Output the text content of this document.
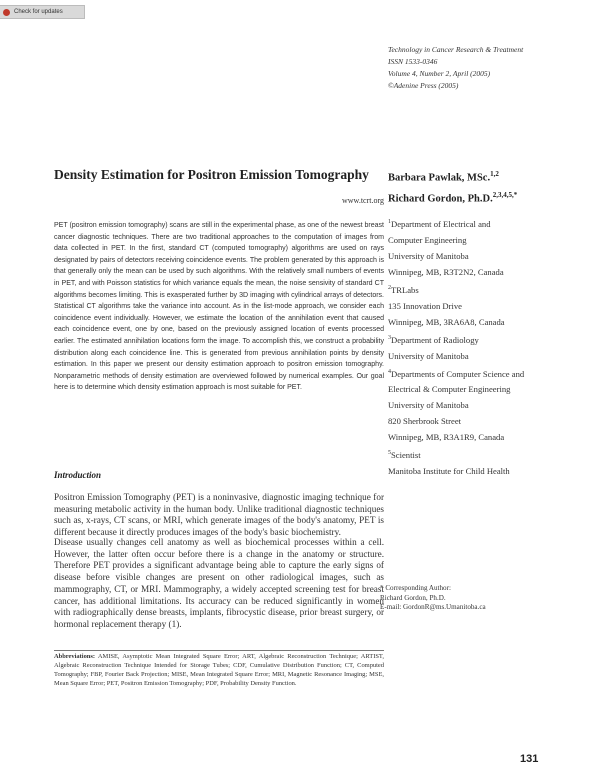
Check for updates
Technology in Cancer Research & Treatment
ISSN 1533-0346
Volume 4, Number 2, April (2005)
©Adenine Press (2005)
Density Estimation for Positron Emission Tomography
www.tcrt.org
Barbara Pawlak, MSc.$^{1,2}$
Richard Gordon, Ph.D.$^{2,3,4,5,*}$
$^1$Department of Electrical and
Computer Engineering
University of Manitoba
Winnipeg, MB, R3T2N2, Canada
$^2$TRLabs
135 Innovation Drive
Winnipeg, MB, 3RA6A8, Canada
$^3$Department of Radiology
University of Manitoba
$^4$Departments of Computer Science and
Electrical & Computer Engineering
University of Manitoba
820 Sherbrook Street
Winnipeg, MB, R3A1R9, Canada
$^5$Scientist
Manitoba Institute for Child Health
PET (positron emission tomography) scans are still in the experimental phase, as one of the newest breast cancer diagnostic techniques. There are two traditional approaches to the computation of images from data collected in PET. In the first, standard CT (computed tomography) algorithms are used on rays designated by pairs of detectors receiving coincidence events. The problem generated by this approach is that generally only the mean can be used by such algorithms. With the relatively small numbers of events in PET, and with Poisson statistics for which variance equals the mean, the noise sensivity of standard CT algorithms becomes limiting. This is exasperated further by 3D imaging with cylindrical arrays of detectors. Statistical CT algorithms take the variance into account. As in the list-mode approach, we consider each coincidence event individually. However, we estimate the location of the annihilation event that caused each coincidence event, one by one, based on the previously assigned location of events processed earlier. The estimated annihilation locations form the image. To accomplish this, we construct a probability distribution along each coincidence line. This is generated from previous annihilation points by density estimation. In this paper we present our density estimation approach to positron emission tomography. Nonparametric methods of density estimation are overviewed followed by numerical examples. Our goal here is to determine which density estimation approach is most suitable for PET.
Introduction
Positron Emission Tomography (PET) is a noninvasive, diagnostic imaging technique for measuring metabolic activity in the human body. Unlike traditional diagnostic techniques such as, x-rays, CT scans, or MRI, which generate images of the body's anatomy, PET is different because it directly produces images of the body's basic biochemistry.
Disease usually changes cell anatomy as well as biochemical processes within a cell. However, the latter often occur before there is a change in the anatomy or structure. Therefore PET provides a significant advantage being able to capture the early signs of disease before visible changes are present on other radiological images, such as mammography, CT, or MRI. Mammography, a widely accepted screening test for breast cancer, has additional limitations. Its accuracy can be reduced significantly in women with radiographically dense breasts, implants, fibrocystic disease, prior breast surgery, or hormonal replacement therapy (1).
Abbreviations: AMISE, Asymptotic Mean Integrated Square Error; ART, Algebraic Reconstruction Technique; ARTIST, Algebraic Reconstruction Technique Intended for Storage Tubes; CDF, Cumulative Distribution Function; CT, Computed Tomography; FBP, Fourier Back Projection; MISE, Mean Integrated Square Error; MRI, Magnetic Resonance Imaging; MSE, Mean Square Error; PET, Positron Emission Tomography; PDF, Probability Density Function.
* Corresponding Author:
Richard Gordon, Ph.D.
E-mail: GordonR@ms.Umanitoba.ca
131
